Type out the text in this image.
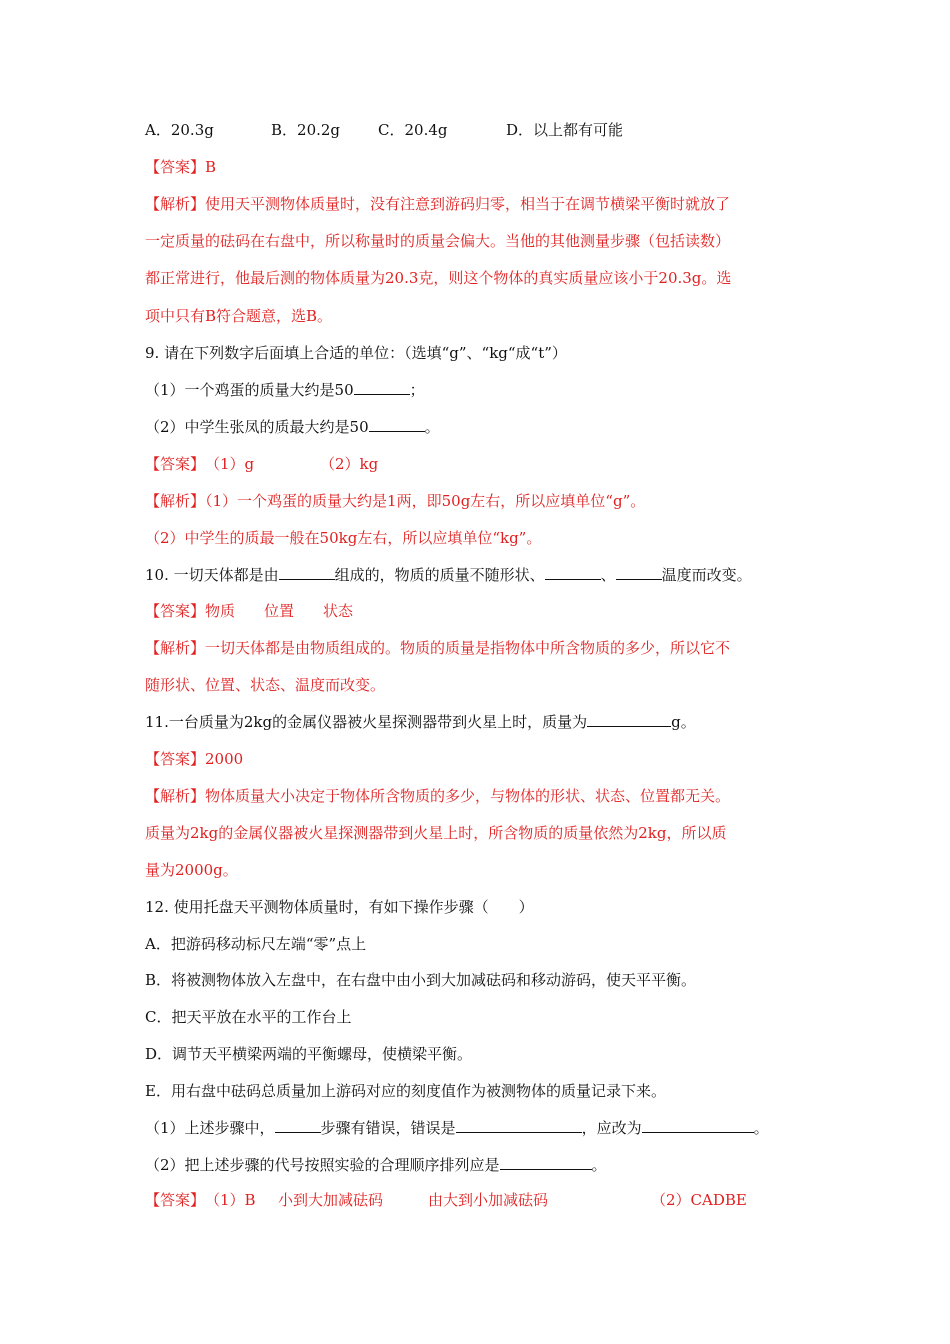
A．20.3g	B．20.2g	C．20.4g	D．以上都有可能
【答案】B
【解析】使用天平测物体质量时，没有注意到游码归零，相当于在调节横梁平衡时就放了
一定质量的砝码在右盘中，所以称量时的质量会偏大。当他的其他测量步骤（包括读数）
都正常进行，他最后测的物体质量为20.3克，则这个物体的真实质量应该小于20.3g。选
项中只有B符合题意，选B。
9. 请在下列数字后面填上合适的单位：（选填“g”、“kg“成“t”）
（1）一个鸡蛋的质量大约是50	；
（2）中学生张凤的质最大约是50	。
【答案】（1）g	（2）kg
【解析】（1）一个鸡蛋的质量大约是1两，即50g左右，所以应填单位“g”。
（2）中学生的质最一般在50kg左右，所以应填单位“kg”。
10. 一切天体都是由	组成的，物质的质量不随形状、	、	温度而改变。
【答案】物质 位置 状态
【解析】一切天体都是由物质组成的。物质的质量是指物体中所含物质的多少，所以它不
随形状、位置、状态、温度而改变。
11.一台质量为2kg的金属仪器被火星探测器带到火星上时，质量为	g。
【答案】2000
【解析】物体质量大小决定于物体所含物质的多少，与物体的形状、状态、位置都无关。
质量为2kg的金属仪器被火星探测器带到火星上时，所含物质的质量依然为2kg，所以质
量为2000g。
12. 使用托盘天平测物体质量时，有如下操作步骤（　　）
A．把游码移动标尺左端“零”点上
B．将被测物体放入左盘中，在右盘中由小到大加减砝码和移动游码，使天平平衡。
C．把天平放在水平的工作台上
D．调节天平横梁两端的平衡螺母，使横梁平衡。
E．用右盘中砝码总质量加上游码对应的刻度值作为被测物体的质量记录下来。
（1）上述步骤中，	步骤有错误，错误是	，应改为	。
（2）把上述步骤的代号按照实验的合理顺序排列应是	。
【答案】（1）B 小到大加减砝码	由大到小加减砝码	（2）CADBE
